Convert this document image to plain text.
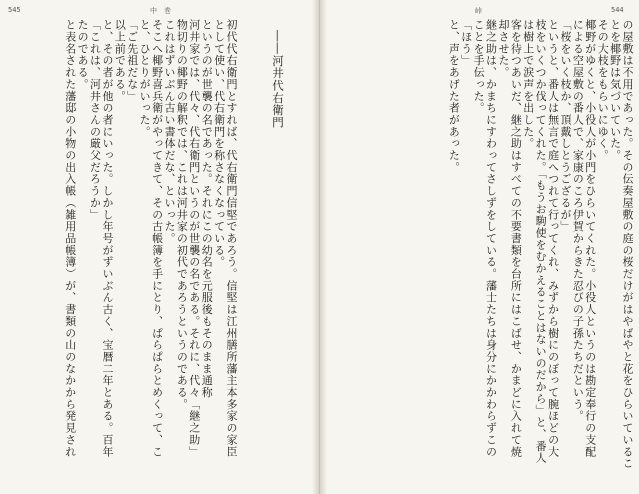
545	中　巻

初代代右衛門とすれば、代右衛門信堅であろう。信堅は江州膳所藩主本多家の家臣

として使い、代右衛門を称さなくなっている。

というのが世襲の名であった。それにこの幼名を元服後もそのまま通称

河井家では、代々、代右衛門というのが世襲の名である。それに、代々「継之助」

物切りの椰野の解釈では、これは河井家の初代であろうというのである。

これはずいぶん古い書体だな、といった。

そこへ椰野喜兵衛がやってきて、その古帳簿を手にとり、ぱらぱらとめくって、こ

と、ひとりがいった。

「ご先祖だな」

以上前である。

と、その者が他の者にいった。しかし年号がずいぶん古く、宝暦二年とある。百年

「これは、河井さんの厳父だろうか」

たのである。

と表名された藩邸の小物の出入帳（雑用品帳簿）が、書類の山のなかから発見され	――河井代右衛門

峠	544

の屋敷は不用であった。その伝奏屋敷の庭の桜だけがはやばやと花をひらいているこ

とを椰野は気づいていた。

その大枝をもらいにゆく。

椰野がゆくと、小役人が小門をひらいてくれた。小役人というのは勘定奉行の支配

による空屋敷の番人で、家康のころ伊賀からきた忍びの子孫たちだという。

「桜をいく枝か、頂戴しとうござるが」

というと、番人は無言で庭へつれて行ってくれ、みずから樹にのぼって腕ほどの大

枝をいくつか伐ってくれた。「もうお駒使をむかえることはないのだから」と、番人

は樹上で涙声を出した。

客を待つあいだ、継之助はすべての不要書類を台所にはこばせ、かまどに入れて焼

却させた。

継之助は、かまちにすわってさしずをしている。藩士たちは身分にかかわらずこの

ことを手伝った。

「ほう」

と、声をあげた者があった。
